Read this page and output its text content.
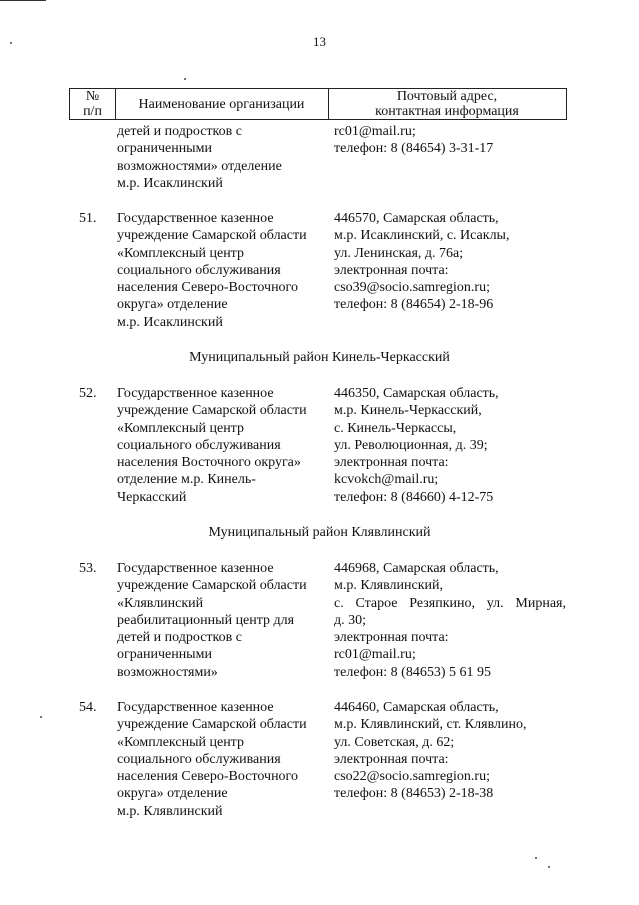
13
№
п/п	Наименование организации	Почтовый адрес,
контактная информация
детей и подростков с
ограниченными
возможностями» отделение
м.р. Исаклинский
rc01@mail.ru;
телефон: 8 (84654) 3-31-17
51. Государственное казенное
учреждение Самарской области
«Комплексный центр
социального обслуживания
населения Северо-Восточного
округа» отделение
м.р. Исаклинский
446570, Самарская область,
м.р. Исаклинский, с. Исаклы,
ул. Ленинская, д. 76а;
электронная почта:
cso39@socio.samregion.ru;
телефон: 8 (84654) 2-18-96
Муниципальный район Кинель-Черкасский
52. Государственное казенное
учреждение Самарской области
«Комплексный центр
социального обслуживания
населения Восточного округа»
отделение м.р. Кинель-
Черкасский
446350, Самарская область,
м.р. Кинель-Черкасский,
с. Кинель-Черкассы,
ул. Революционная, д. 39;
электронная почта:
kcvokch@mail.ru;
телефон: 8 (84660) 4-12-75
Муниципальный район Клявлинский
53. Государственное казенное
учреждение Самарской области
«Клявлинский
реабилитационный центр для
детей и подростков с
ограниченными
возможностями»
446968, Самарская область,
м.р. Клявлинский,
с. Старое Резяпкино, ул. Мирная,
д. 30;
электронная почта:
rc01@mail.ru;
телефон: 8 (84653) 5 61 95
54. Государственное казенное
учреждение Самарской области
«Комплексный центр
социального обслуживания
населения Северо-Восточного
округа» отделение
м.р. Клявлинский
446460, Самарская область,
м.р. Клявлинский, ст. Клявлино,
ул. Советская, д. 62;
электронная почта:
cso22@socio.samregion.ru;
телефон: 8 (84653) 2-18-38
